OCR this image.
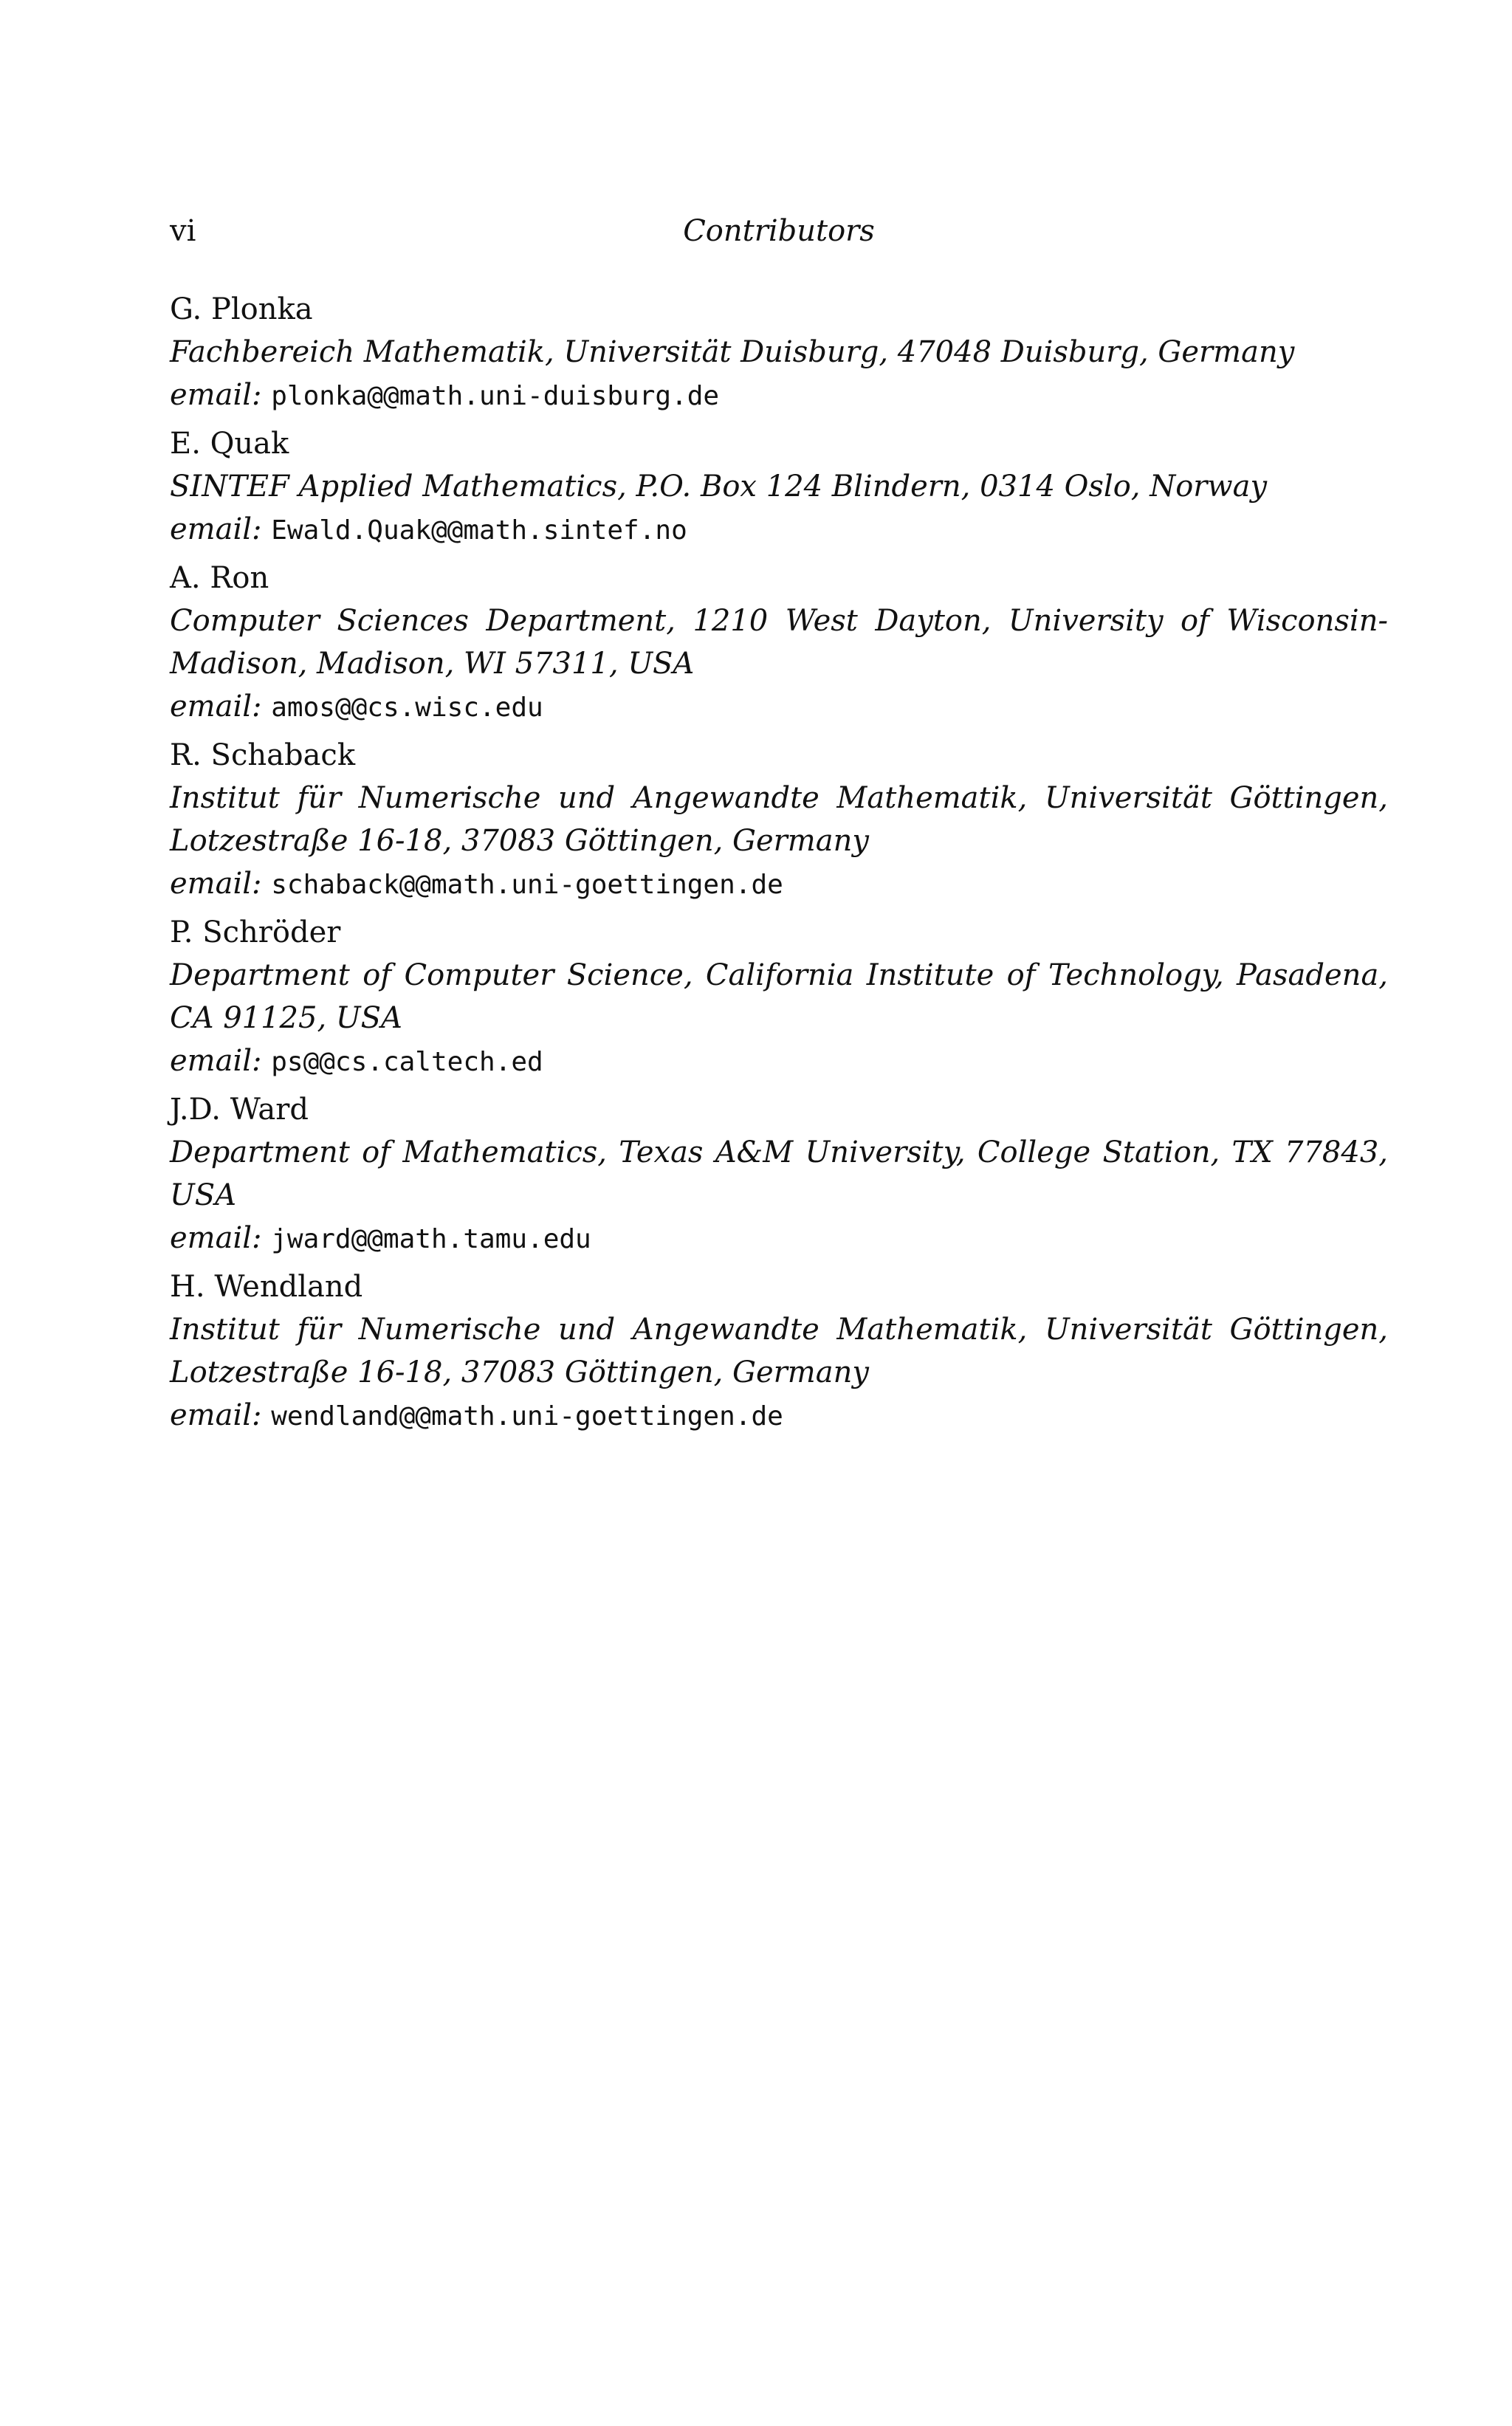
vi	Contributors
G. Plonka
Fachbereich Mathematik, Universität Duisburg, 47048 Duisburg, Germany
email: plonka@@math.uni-duisburg.de
E. Quak
SINTEF Applied Mathematics, P.O. Box 124 Blindern, 0314 Oslo, Norway
email: Ewald.Quak@@math.sintef.no
A. Ron
Computer Sciences Department, 1210 West Dayton, University of Wisconsin-Madison, Madison, WI 57311, USA
email: amos@@cs.wisc.edu
R. Schaback
Institut für Numerische und Angewandte Mathematik, Universität Göttingen, Lotzestraße 16-18, 37083 Göttingen, Germany
email: schaback@@math.uni-goettingen.de
P. Schröder
Department of Computer Science, California Institute of Technology, Pasadena, CA 91125, USA
email: ps@@cs.caltech.ed
J.D. Ward
Department of Mathematics, Texas A&M University, College Station, TX 77843, USA
email: jward@@math.tamu.edu
H. Wendland
Institut für Numerische und Angewandte Mathematik, Universität Göttingen, Lotzestraße 16-18, 37083 Göttingen, Germany
email: wendland@@math.uni-goettingen.de
